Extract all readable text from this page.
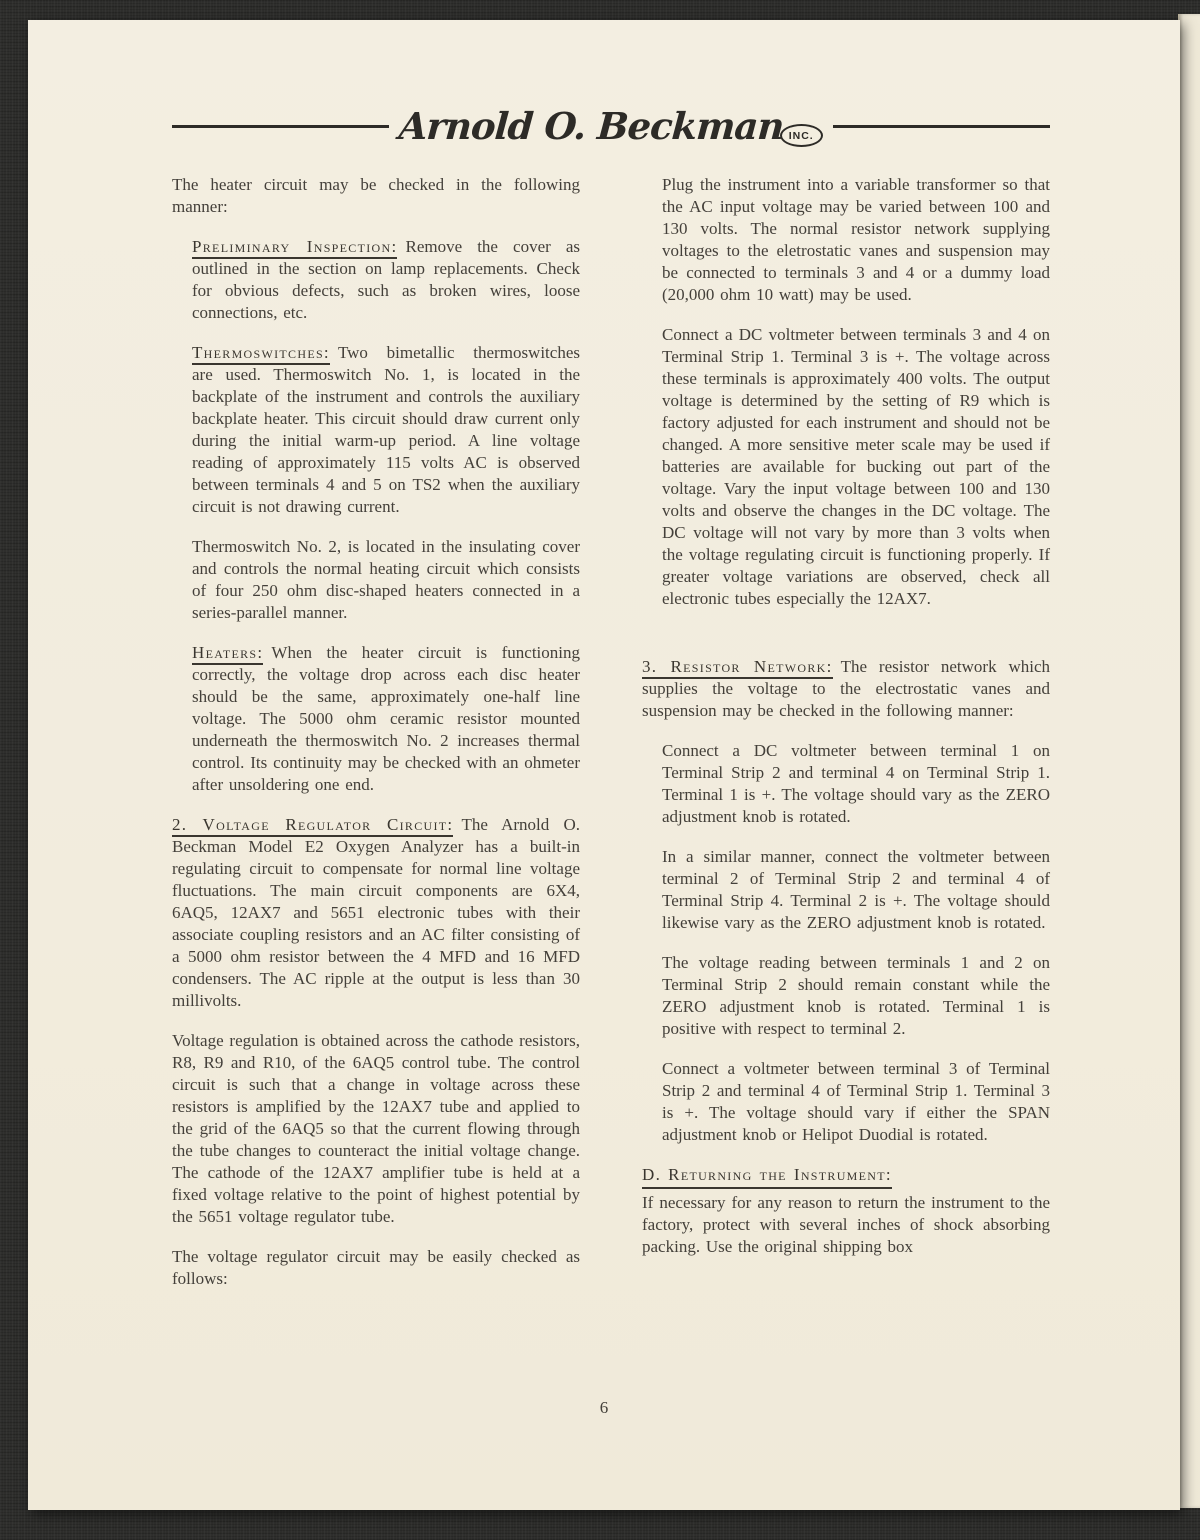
Arnold O. Beckman INC.

The heater circuit may be checked in the following manner:

Preliminary Inspection: Remove the cover as outlined in the section on lamp replacements. Check for obvious defects, such as broken wires, loose connections, etc.

Thermoswitches: Two bimetallic thermoswitches are used. Thermoswitch No. 1, is located in the backplate of the instrument and controls the auxiliary backplate heater. This circuit should draw current only during the initial warm-up period. A line voltage reading of approximately 115 volts AC is observed between terminals 4 and 5 on TS2 when the auxiliary circuit is not drawing current.

Thermoswitch No. 2, is located in the insulating cover and controls the normal heating circuit which consists of four 250 ohm disc-shaped heaters connected in a series-parallel manner.

Heaters: When the heater circuit is functioning correctly, the voltage drop across each disc heater should be the same, approximately one-half line voltage. The 5000 ohm ceramic resistor mounted underneath the thermoswitch No. 2 increases thermal control. Its continuity may be checked with an ohmeter after unsoldering one end.

2. Voltage Regulator Circuit: The Arnold O. Beckman Model E2 Oxygen Analyzer has a built-in regulating circuit to compensate for normal line voltage fluctuations. The main circuit components are 6X4, 6AQ5, 12AX7 and 5651 electronic tubes with their associate coupling resistors and an AC filter consisting of a 5000 ohm resistor between the 4 MFD and 16 MFD condensers. The AC ripple at the output is less than 30 millivolts.

Voltage regulation is obtained across the cathode resistors, R8, R9 and R10, of the 6AQ5 control tube. The control circuit is such that a change in voltage across these resistors is amplified by the 12AX7 tube and applied to the grid of the 6AQ5 so that the current flowing through the tube changes to counteract the initial voltage change. The cathode of the 12AX7 amplifier tube is held at a fixed voltage relative to the point of highest potential by the 5651 voltage regulator tube.

The voltage regulator circuit may be easily checked as follows:

Plug the instrument into a variable transformer so that the AC input voltage may be varied between 100 and 130 volts. The normal resistor network supplying voltages to the eletrostatic vanes and suspension may be connected to terminals 3 and 4 or a dummy load (20,000 ohm 10 watt) may be used.

Connect a DC voltmeter between terminals 3 and 4 on Terminal Strip 1. Terminal 3 is +. The voltage across these terminals is approximately 400 volts. The output voltage is determined by the setting of R9 which is factory adjusted for each instrument and should not be changed. A more sensitive meter scale may be used if batteries are available for bucking out part of the voltage. Vary the input voltage between 100 and 130 volts and observe the changes in the DC voltage. The DC voltage will not vary by more than 3 volts when the voltage regulating circuit is functioning properly. If greater voltage variations are observed, check all electronic tubes especially the 12AX7.

3. Resistor Network: The resistor network which supplies the voltage to the electrostatic vanes and suspension may be checked in the following manner:

Connect a DC voltmeter between terminal 1 on Terminal Strip 2 and terminal 4 on Terminal Strip 1. Terminal 1 is +. The voltage should vary as the ZERO adjustment knob is rotated.

In a similar manner, connect the voltmeter between terminal 2 of Terminal Strip 2 and terminal 4 of Terminal Strip 4. Terminal 2 is +. The voltage should likewise vary as the ZERO adjustment knob is rotated.

The voltage reading between terminals 1 and 2 on Terminal Strip 2 should remain constant while the ZERO adjustment knob is rotated. Terminal 1 is positive with respect to terminal 2.

Connect a voltmeter between terminal 3 of Terminal Strip 2 and terminal 4 of Terminal Strip 1. Terminal 3 is +. The voltage should vary if either the SPAN adjustment knob or Helipot Duodial is rotated.

D. Returning the Instrument:
If necessary for any reason to return the instrument to the factory, protect with several inches of shock absorbing packing. Use the original shipping box

6
